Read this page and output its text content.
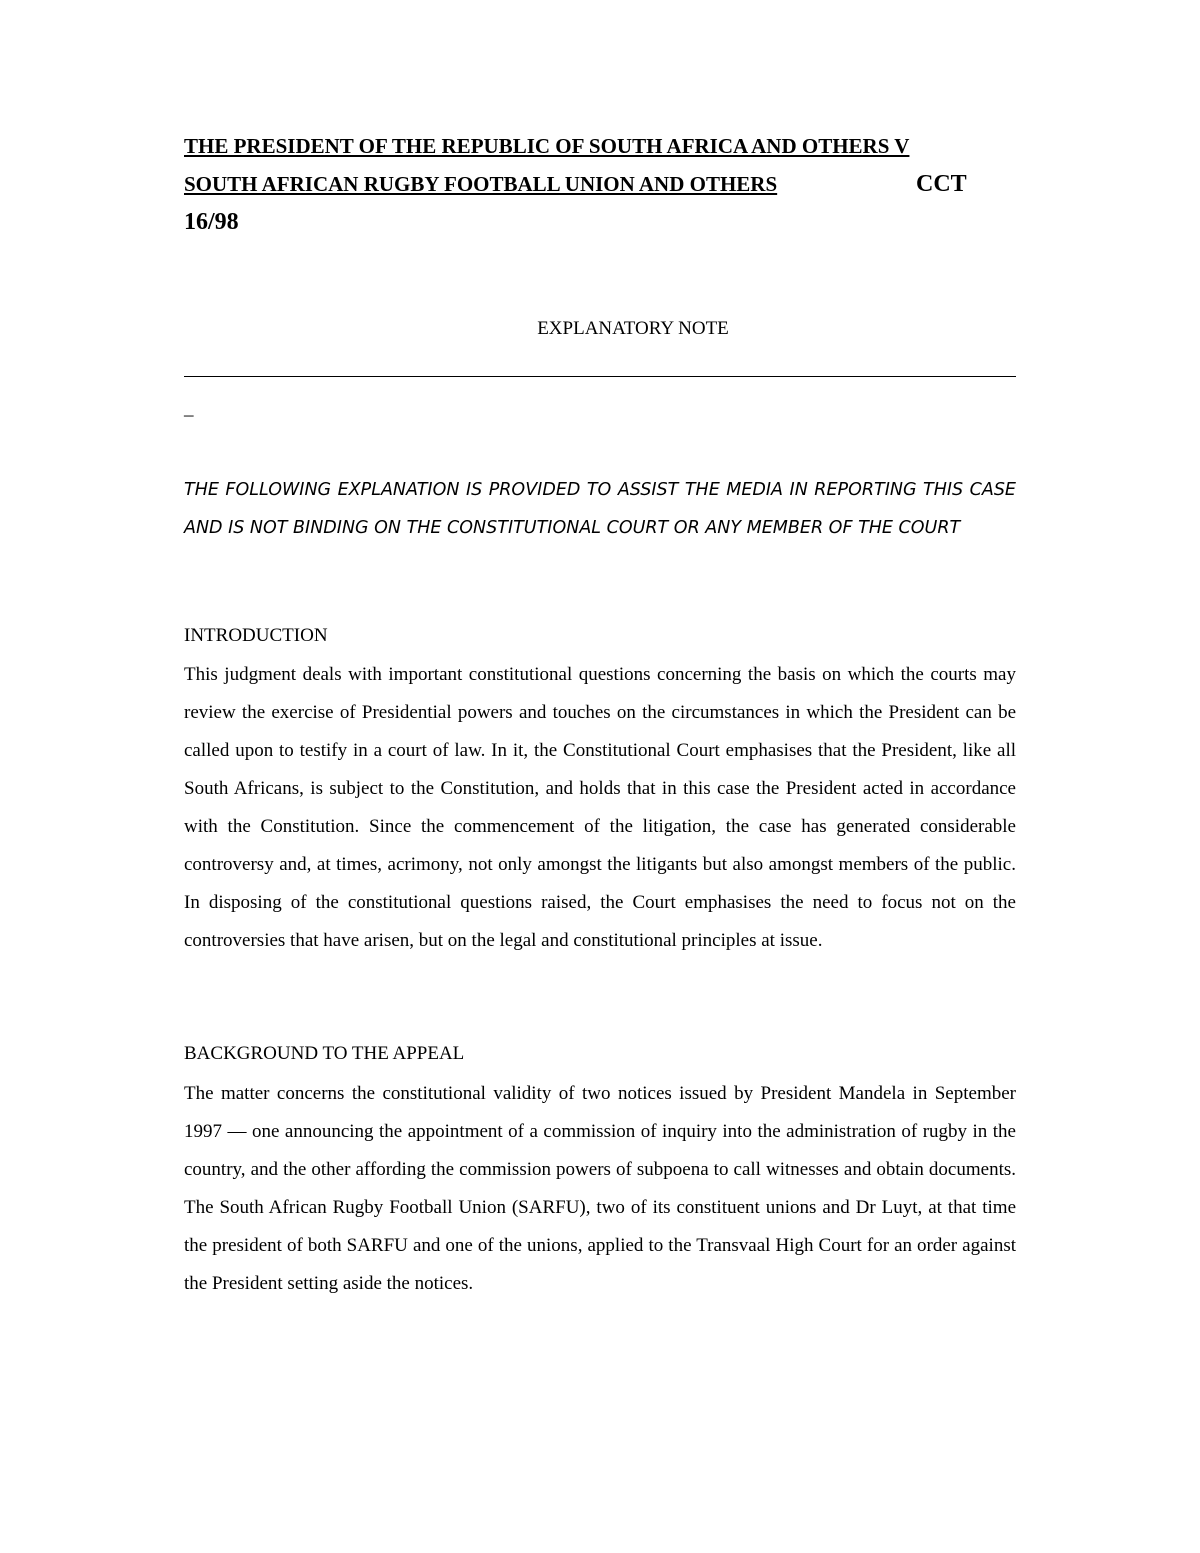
THE PRESIDENT OF THE REPUBLIC OF SOUTH AFRICA AND OTHERS V
SOUTH AFRICAN RUGBY FOOTBALL UNION AND OTHERS	CCT
16/98
EXPLANATORY NOTE
_
THE FOLLOWING EXPLANATION IS PROVIDED TO ASSIST THE MEDIA IN REPORTING THIS CASE AND IS NOT BINDING ON THE CONSTITUTIONAL COURT OR ANY MEMBER OF THE COURT
INTRODUCTION
This judgment deals with important constitutional questions concerning the basis on which the courts may review the exercise of Presidential powers and touches on the circumstances in which the President can be called upon to testify in a court of law. In it, the Constitutional Court emphasises that the President, like all South Africans, is subject to the Constitution, and holds that in this case the President acted in accordance with the Constitution. Since the commencement of the litigation, the case has generated considerable controversy and, at times, acrimony, not only amongst the litigants but also amongst members of the public. In disposing of the constitutional questions raised, the Court emphasises the need to focus not on the controversies that have arisen, but on the legal and constitutional principles at issue.
BACKGROUND TO THE APPEAL
The matter concerns the constitutional validity of two notices issued by President Mandela in September 1997 — one announcing the appointment of a commission of inquiry into the administration of rugby in the country, and the other affording the commission powers of subpoena to call witnesses and obtain documents. The South African Rugby Football Union (SARFU), two of its constituent unions and Dr Luyt, at that time the president of both SARFU and one of the unions, applied to the Transvaal High Court for an order against the President setting aside the notices.
